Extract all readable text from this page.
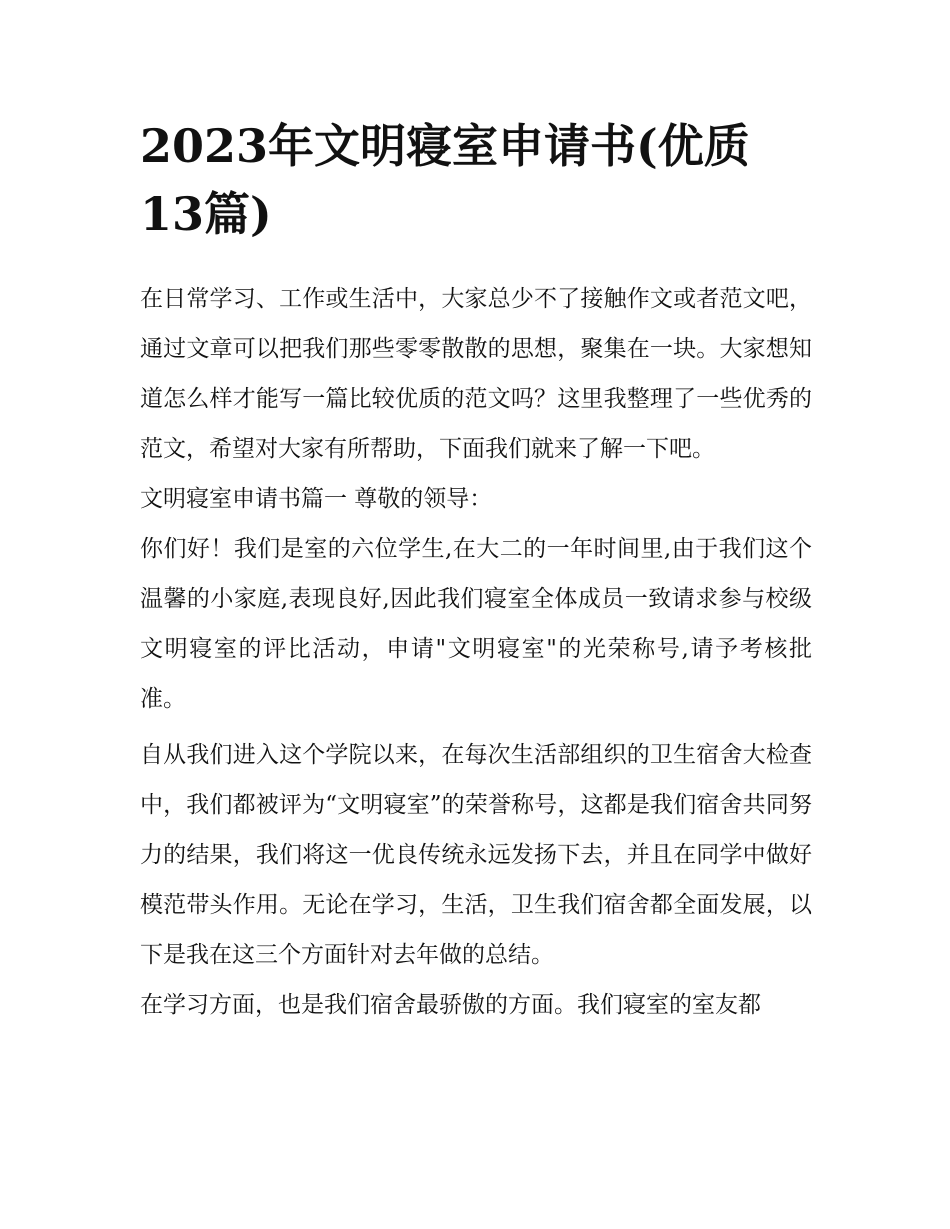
2023年文明寝室申请书(优质13篇)

在日常学习、工作或生活中，大家总少不了接触作文或者范文吧，通过文章可以把我们那些零零散散的思想，聚集在一块。大家想知道怎么样才能写一篇比较优质的范文吗？这里我整理了一些优秀的范文，希望对大家有所帮助，下面我们就来了解一下吧。

文明寝室申请书篇一 尊敬的领导：

你们好！我们是室的六位学生,在大二的一年时间里,由于我们这个温馨的小家庭,表现良好,因此我们寝室全体成员一致请求参与校级文明寝室的评比活动，申请"文明寝室"的光荣称号,请予考核批准。

自从我们进入这个学院以来，在每次生活部组织的卫生宿舍大检查中，我们都被评为“文明寝室”的荣誉称号，这都是我们宿舍共同努力的结果，我们将这一优良传统永远发扬下去，并且在同学中做好模范带头作用。无论在学习，生活，卫生我们宿舍都全面发展，以下是我在这三个方面针对去年做的总结。

在学习方面，也是我们宿舍最骄傲的方面。我们寝室的室友都
